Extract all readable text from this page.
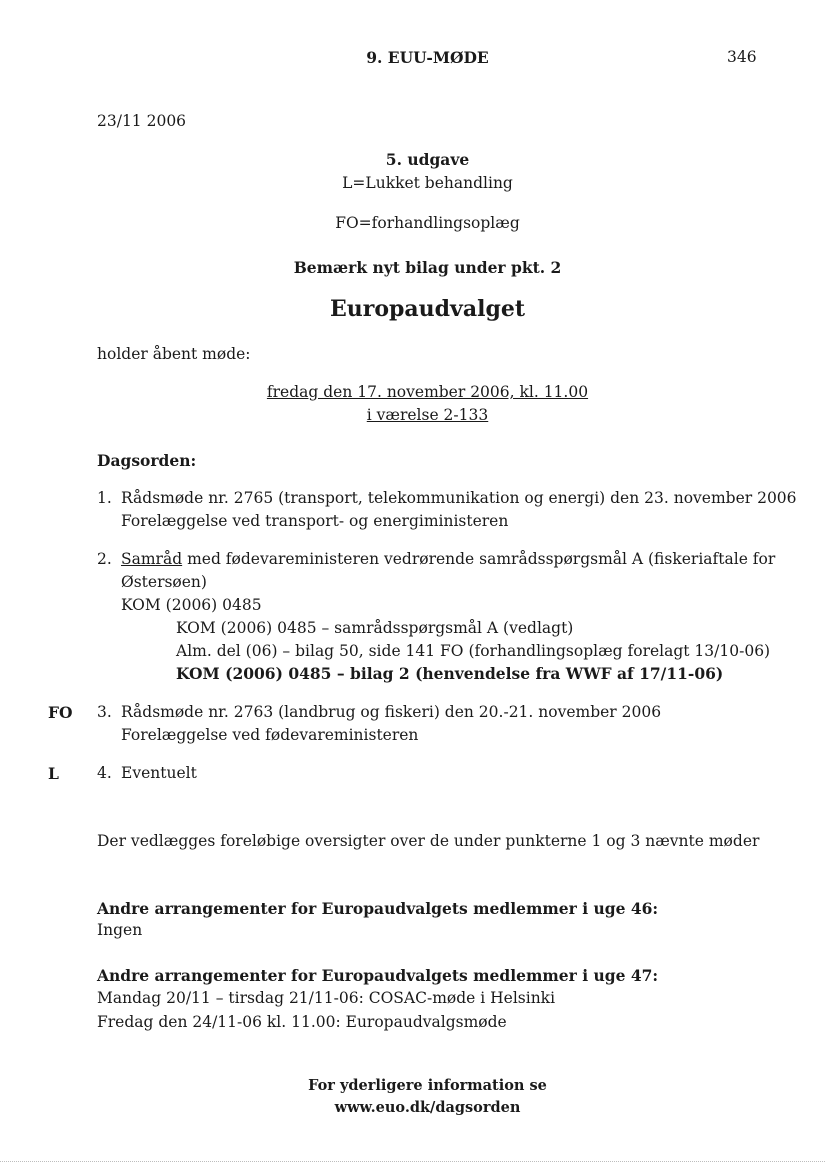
9. EUU-MØDE	346
23/11 2006
5. udgave
L=Lukket behandling
FO=forhandlingsoplæg
Bemærk nyt bilag under pkt. 2
Europaudvalget
holder åbent møde:
fredag den 17. november 2006, kl. 11.00
i værelse 2-133
Dagsorden:
1. Rådsmøde nr. 2765 (transport, telekommunikation og energi) den 23. november 2006
Forelæggelse ved transport- og energiministeren
2. Samråd med fødevareministeren vedrørende samrådsspørgsmål A (fiskeriaftale for
Østersøen)
KOM (2006) 0485
KOM (2006) 0485 – samrådsspørgsmål A (vedlagt)
Alm. del (06) – bilag 50, side 141 FO (forhandlingsoplæg forelagt 13/10-06)
KOM (2006) 0485 – bilag 2 (henvendelse fra WWF af 17/11-06)
FO 3. Rådsmøde nr. 2763 (landbrug og fiskeri) den 20.-21. november 2006
Forelæggelse ved fødevareministeren
L 4. Eventuelt
Der vedlægges foreløbige oversigter over de under punkterne 1 og 3 nævnte møder
Andre arrangementer for Europaudvalgets medlemmer i uge 46:
Ingen
Andre arrangementer for Europaudvalgets medlemmer i uge 47:
Mandag 20/11 – tirsdag 21/11-06: COSAC-møde i Helsinki
Fredag den 24/11-06 kl. 11.00: Europaudvalgsmøde
For yderligere information se
www.euo.dk/dagsorden
